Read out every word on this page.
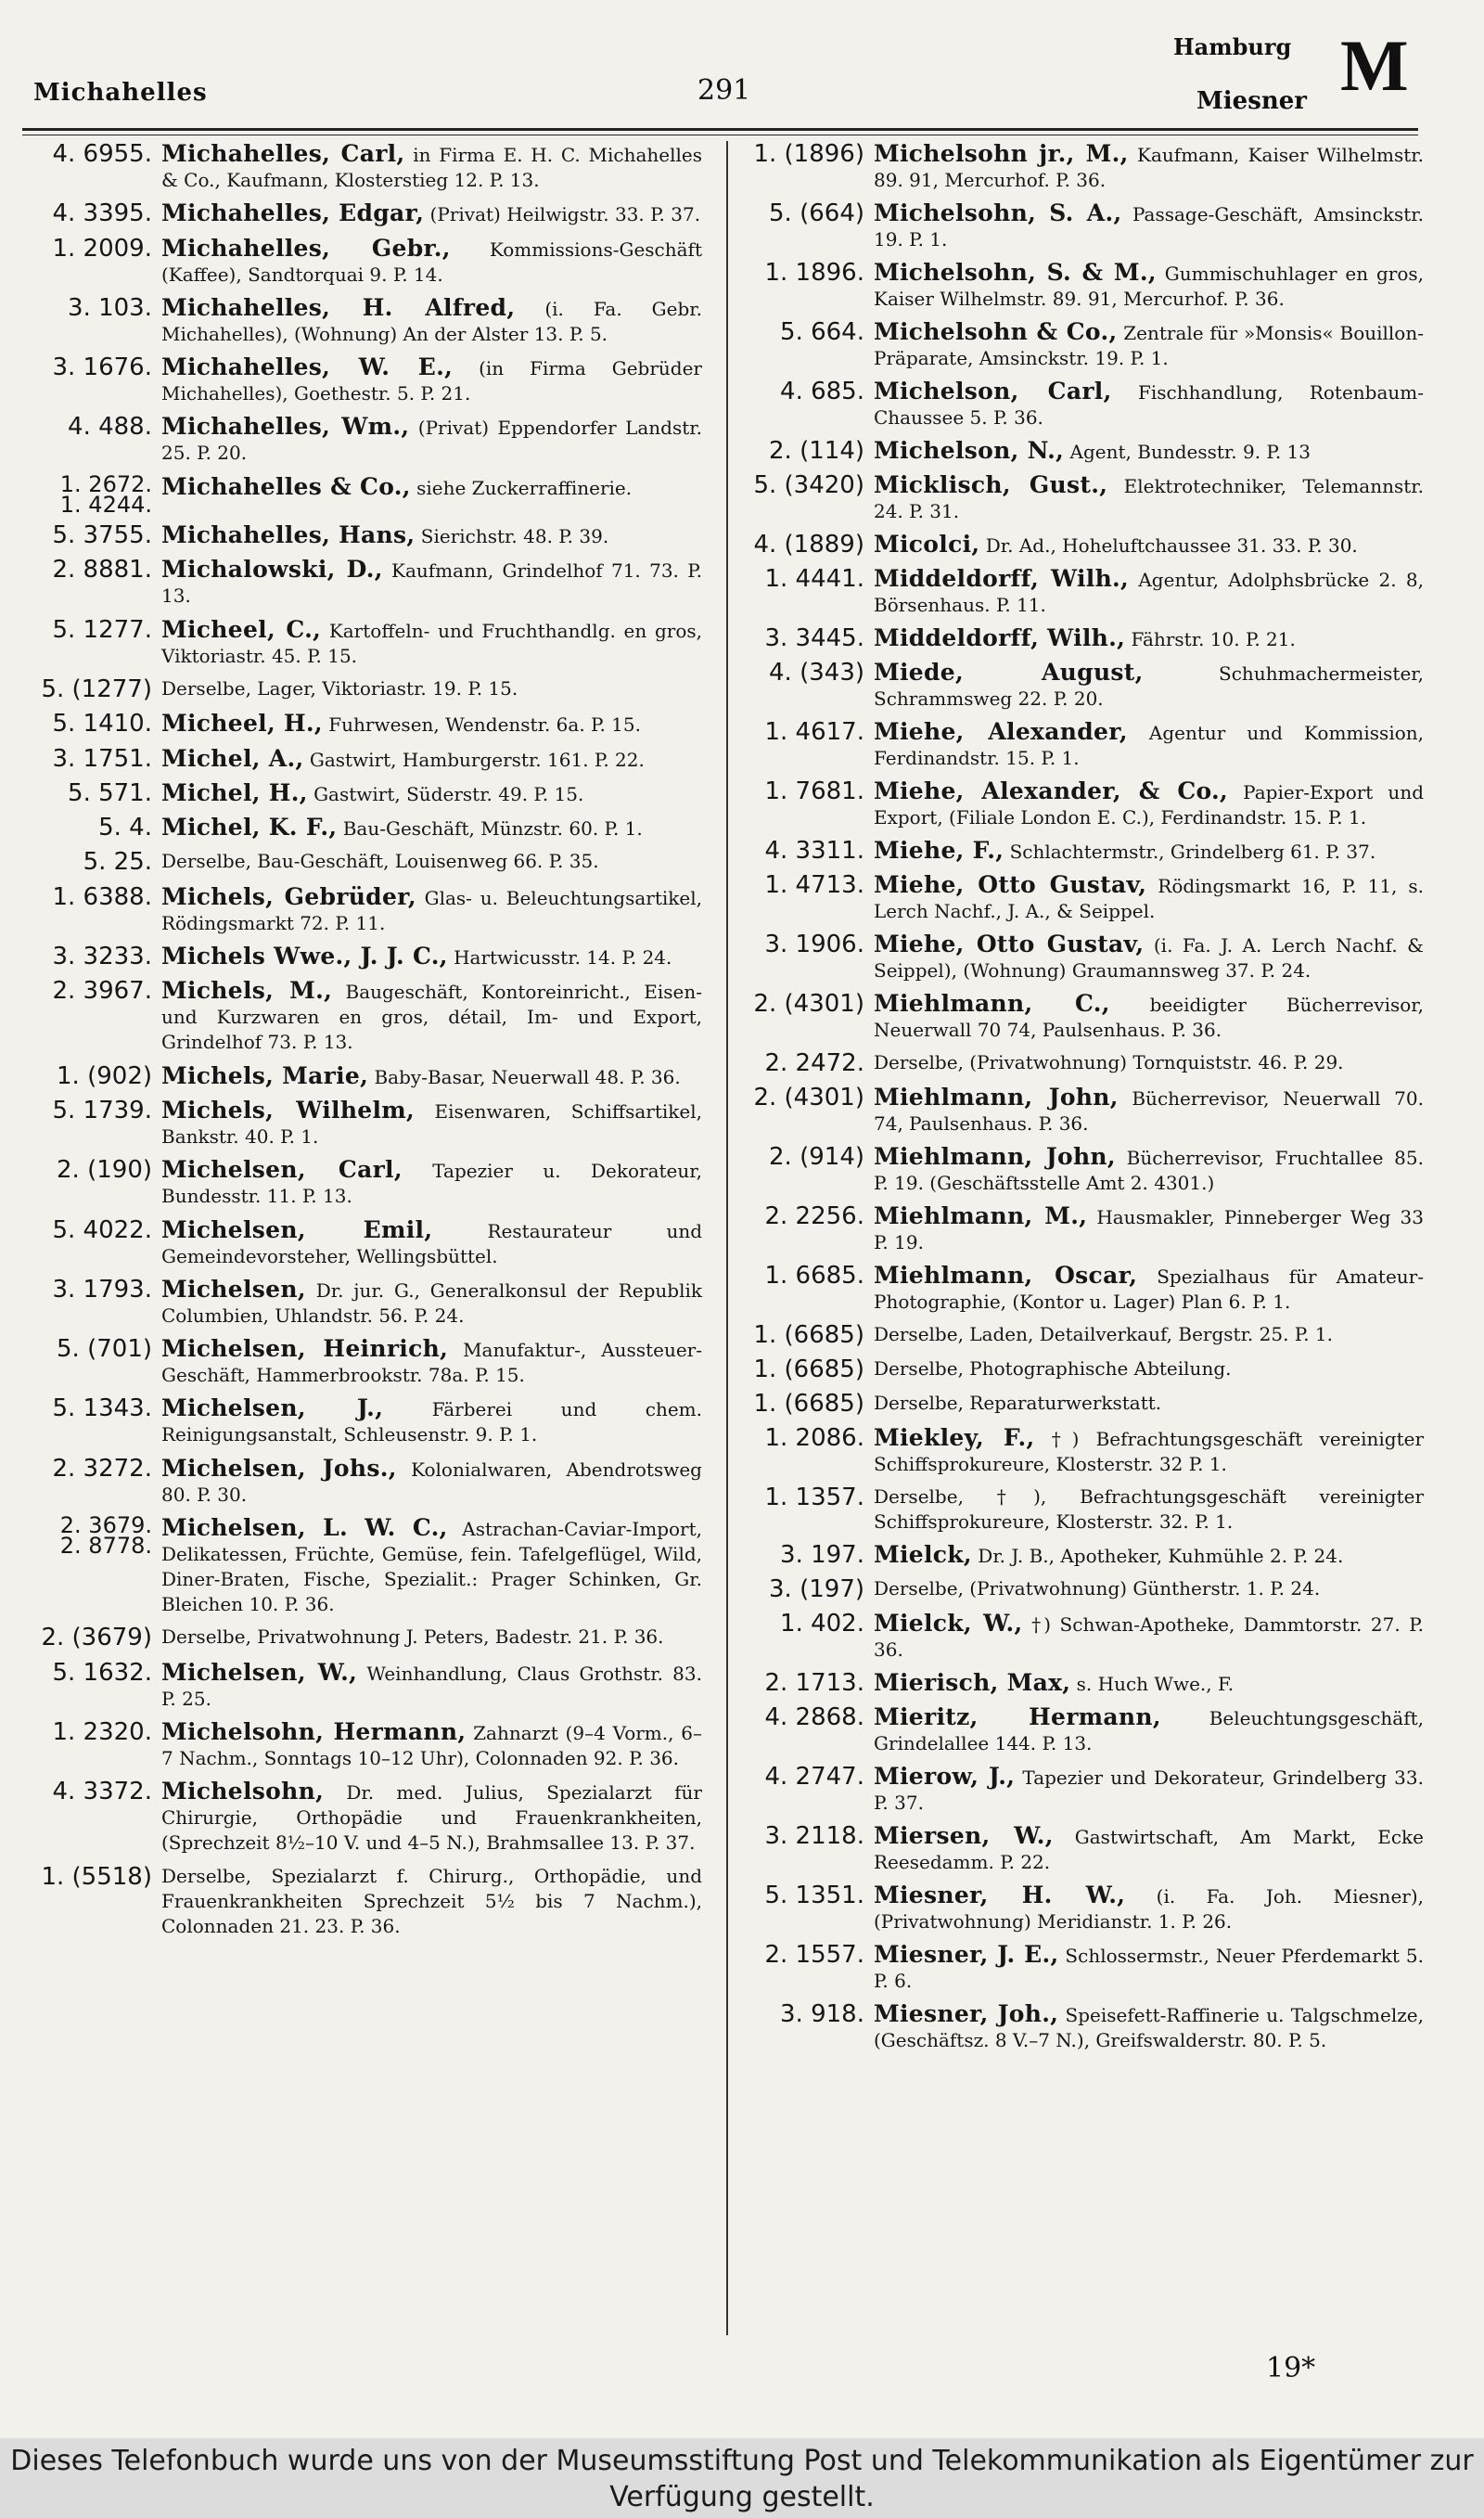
Michahelles	291
Hamburg
Miesner M
4. 6955. Michahelles, Carl, in Firma E. H. C. Michahelles & Co., Kaufmann, Klosterstieg 12. P. 13.
4. 3395. Michahelles, Edgar, (Privat) Heilwigstr. 33. P. 37.
1. 2009. Michahelles, Gebr., Kommissions-Geschäft (Kaffee), Sandtorquai 9. P. 14.
3. 103. Michahelles, H. Alfred, (i. Fa. Gebr. Michahelles), (Wohnung) An der Alster 13. P. 5.
3. 1676. Michahelles, W. E., (in Firma Gebrüder Michahelles), Goethestr. 5. P. 21.
4. 488. Michahelles, Wm., (Privat) Eppendorfer Landstr. 25. P. 20.
1. 2672.
1. 4244.
Michahelles & Co., siehe Zuckerraffinerie.
5. 3755. Michahelles, Hans, Sierichstr. 48. P. 39.
2. 8881. Michalowski, D., Kaufmann, Grindelhof 71. 73. P. 13.
5. 1277. Micheel, C., Kartoffeln- und Fruchthandlg. en gros, Viktoriastr. 45. P. 15.
5. (1277) Derselbe, Lager, Viktoriastr. 19. P. 15.
5. 1410. Micheel, H., Fuhrwesen, Wendenstr. 6a. P. 15.
3. 1751. Michel, A., Gastwirt, Hamburgerstr. 161. P. 22.
5. 571. Michel, H., Gastwirt, Süderstr. 49. P. 15.
5. 4. Michel, K. F., Bau-Geschäft, Münzstr. 60. P. 1.
5. 25. Derselbe, Bau-Geschäft, Louisenweg 66. P. 35.
1. 6388. Michels, Gebrüder, Glas- u. Beleuchtungsartikel, Rödingsmarkt 72. P. 11.
3. 3233. Michels Wwe., J. J. C., Hartwicusstr. 14. P. 24.
2. 3967. Michels, M., Baugeschäft, Kontoreinricht., Eisen- und Kurzwaren en gros, détail, Im- und Export, Grindelhof 73. P. 13.
1. (902) Michels, Marie, Baby-Basar, Neuerwall 48. P. 36.
5. 1739. Michels, Wilhelm, Eisenwaren, Schiffsartikel, Bankstr. 40. P. 1.
2. (190) Michelsen, Carl, Tapezier u. Dekorateur, Bundesstr. 11. P. 13.
5. 4022. Michelsen, Emil, Restaurateur und Gemeindevorsteher, Wellingsbüttel.
3. 1793. Michelsen, Dr. jur. G., Generalkonsul der Republik Columbien, Uhlandstr. 56. P. 24.
5. (701) Michelsen, Heinrich, Manufaktur-, Aussteuer-Geschäft, Hammerbrookstr. 78a. P. 15.
5. 1343. Michelsen, J., Färberei und chem. Reinigungsanstalt, Schleusenstr. 9. P. 1.
2. 3272. Michelsen, Johs., Kolonialwaren, Abendrotsweg 80. P. 30.
2. 3679.
2. 8778.
Michelsen, L. W. C., Astrachan-Caviar-Import, Delikatessen, Früchte, Gemüse, fein. Tafelgeflügel, Wild, Diner-Braten, Fische, Spezialit.: Prager Schinken, Gr. Bleichen 10. P. 36.
2. (3679) Derselbe, Privatwohnung J. Peters, Badestr. 21. P. 36.
5. 1632. Michelsen, W., Weinhandlung, Claus Grothstr. 83. P. 25.
1. 2320. Michelsohn, Hermann, Zahnarzt (9–4 Vorm., 6–7 Nachm., Sonntags 10–12 Uhr), Colonnaden 92. P. 36.
4. 3372. Michelsohn, Dr. med. Julius, Spezialarzt für Chirurgie, Orthopädie und Frauenkrankheiten, (Sprechzeit 8½–10 V. und 4–5 N.), Brahmsallee 13. P. 37.
1. (5518) Derselbe, Spezialarzt f. Chirurg., Orthopädie, und Frauenkrankheiten Sprechzeit 5½ bis 7 Nachm.), Colonnaden 21. 23. P. 36.
1. (1896) Michelsohn jr., M., Kaufmann, Kaiser Wilhelmstr. 89. 91, Mercurhof. P. 36.
5. (664) Michelsohn, S. A., Passage-Geschäft, Amsinckstr. 19. P. 1.
1. 1896. Michelsohn, S. & M., Gummischuhlager en gros, Kaiser Wilhelmstr. 89. 91, Mercurhof. P. 36.
5. 664. Michelsohn & Co., Zentrale für »Monsis« Bouillon-Präparate, Amsinckstr. 19. P. 1.
4. 685. Michelson, Carl, Fischhandlung, Rotenbaum-Chaussee 5. P. 36.
2. (114) Michelson, N., Agent, Bundesstr. 9. P. 13
5. (3420) Micklisch, Gust., Elektrotechniker, Telemannstr. 24. P. 31.
4. (1889) Micolci, Dr. Ad., Hoheluftchaussee 31. 33. P. 30.
1. 4441. Middeldorff, Wilh., Agentur, Adolphsbrücke 2. 8, Börsenhaus. P. 11.
3. 3445. Middeldorff, Wilh., Fährstr. 10. P. 21.
4. (343) Miede, August, Schuhmachermeister, Schrammsweg 22. P. 20.
1. 4617. Miehe, Alexander, Agentur und Kommission, Ferdinandstr. 15. P. 1.
1. 7681. Miehe, Alexander, & Co., Papier-Export und Export, (Filiale London E. C.), Ferdinandstr. 15. P. 1.
4. 3311. Miehe, F., Schlachtermstr., Grindelberg 61. P. 37.
1. 4713. Miehe, Otto Gustav, Rödingsmarkt 16, P. 11, s. Lerch Nachf., J. A., & Seippel.
3. 1906. Miehe, Otto Gustav, (i. Fa. J. A. Lerch Nachf. & Seippel), (Wohnung) Graumannsweg 37. P. 24.
2. (4301) Miehlmann, C., beeidigter Bücherrevisor, Neuerwall 70 74, Paulsenhaus. P. 36.
2. 2472. Derselbe, (Privatwohnung) Tornquiststr. 46. P. 29.
2. (4301) Miehlmann, John, Bücherrevisor, Neuerwall 70. 74, Paulsenhaus. P. 36.
2. (914) Miehlmann, John, Bücherrevisor, Fruchtallee 85. P. 19. (Geschäftsstelle Amt 2. 4301.)
2. 2256. Miehlmann, M., Hausmakler, Pinneberger Weg 33 P. 19.
1. 6685. Miehlmann, Oscar, Spezialhaus für Amateur-Photographie, (Kontor u. Lager) Plan 6. P. 1.
1. (6685) Derselbe, Laden, Detailverkauf, Bergstr. 25. P. 1.
1. (6685) Derselbe, Photographische Abteilung.
1. (6685) Derselbe, Reparaturwerkstatt.
1. 2086. Miekley, F., †) Befrachtungsgeschäft vereinigter Schiffsprokureure, Klosterstr. 32 P. 1.
1. 1357. Derselbe, †), Befrachtungsgeschäft vereinigter Schiffsprokureure, Klosterstr. 32. P. 1.
3. 197. Mielck, Dr. J. B., Apotheker, Kuhmühle 2. P. 24.
3. (197) Derselbe, (Privatwohnung) Güntherstr. 1. P. 24.
1. 402. Mielck, W., †) Schwan-Apotheke, Dammtorstr. 27. P. 36.
2. 1713. Mierisch, Max, s. Huch Wwe., F.
4. 2868. Mieritz, Hermann, Beleuchtungsgeschäft, Grindelallee 144. P. 13.
4. 2747. Mierow, J., Tapezier und Dekorateur, Grindelberg 33. P. 37.
3. 2118. Miersen, W., Gastwirtschaft, Am Markt, Ecke Reesedamm. P. 22.
5. 1351. Miesner, H. W., (i. Fa. Joh. Miesner), (Privatwohnung) Meridianstr. 1. P. 26.
2. 1557. Miesner, J. E., Schlossermstr., Neuer Pferdemarkt 5. P. 6.
3. 918. Miesner, Joh., Speisefett-Raffinerie u. Talgschmelze, (Geschäftsz. 8 V.–7 N.), Greifswalderstr. 80. P. 5.
19*
Dieses Telefonbuch wurde uns von der Museumsstiftung Post und Telekommunikation als Eigentümer zur Verfügung gestellt.
